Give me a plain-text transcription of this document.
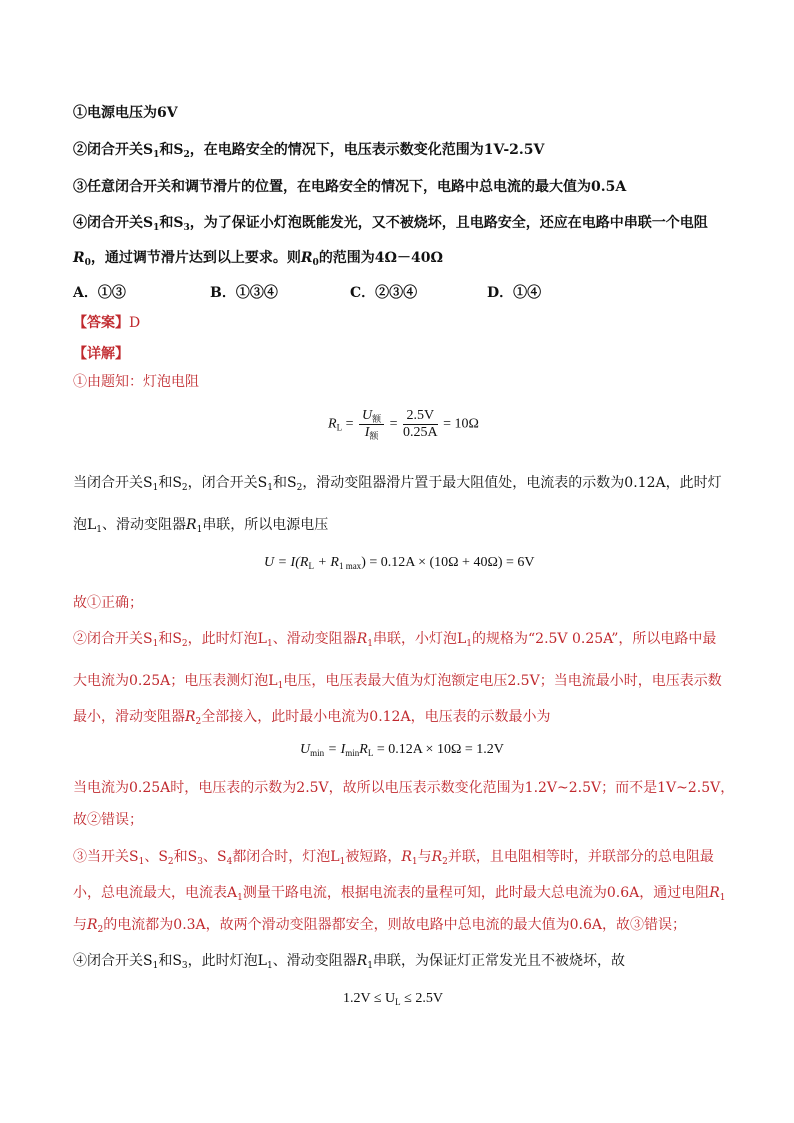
①电源电压为6V
②闭合开关$S_1$和$S_2$，在电路安全的情况下，电压表示数变化范围为1V-2.5V
③任意闭合开关和调节滑片的位置，在电路安全的情况下，电路中总电流的最大值为0.5A
④闭合开关$S_1$和$S_3$，为了保证小灯泡既能发光，又不被烧坏，且电路安全，还应在电路中串联一个电阻
$R_0$，通过调节滑片达到以上要求。则$R_0$的范围为4Ω－40Ω
A．①③	B．①③④	C．②③④	D．①④
【答案】D
【详解】
①由题知：灯泡电阻
$R_L = \frac{U_额}{I_额} = \frac{2.5V}{0.25A} = 10\Omega$
当闭合开关$S_1$和$S_2$，闭合开关$S_1$和$S_2$，滑动变阻器滑片置于最大阻值处，电流表的示数为0.12A，此时灯
泡$L_1$、滑动变阻器$R_1$串联，所以电源电压
$U = I(R_L + R_{1 max}) = 0.12A \times (10\Omega + 40\Omega) = 6V$
故①正确；
②闭合开关$S_1$和$S_2$，此时灯泡$L_1$、滑动变阻器$R_1$串联，小灯泡$L_1$的规格为“2.5V 0.25A”，所以电路中最
大电流为0.25A；电压表测灯泡$L_1$电压，电压表最大值为灯泡额定电压2.5V；当电流最小时，电压表示数
最小，滑动变阻器$R_2$全部接入，此时最小电流为0.12A，电压表的示数最小为
$U_{min} = I_{min}R_L = 0.12A \times 10\Omega = 1.2V$
当电流为0.25A时，电压表的示数为2.5V，故所以电压表示数变化范围为1.2V~2.5V；而不是1V~2.5V，
故②错误；
③当开关$S_1$、$S_2$和$S_3$、$S_4$都闭合时，灯泡$L_1$被短路，$R_1$与$R_2$并联，且电阻相等时，并联部分的总电阻最
小，总电流最大，电流表$A_1$测量干路电流，根据电流表的量程可知，此时最大总电流为0.6A，通过电阻$R_1$
与$R_2$的电流都为0.3A，故两个滑动变阻器都安全，则故电路中总电流的最大值为0.6A，故③错误；
④闭合开关$S_1$和$S_3$，此时灯泡$L_1$、滑动变阻器$R_1$串联，为保证灯正常发光且不被烧坏，故
$1.2V \le U_L \le 2.5V$
